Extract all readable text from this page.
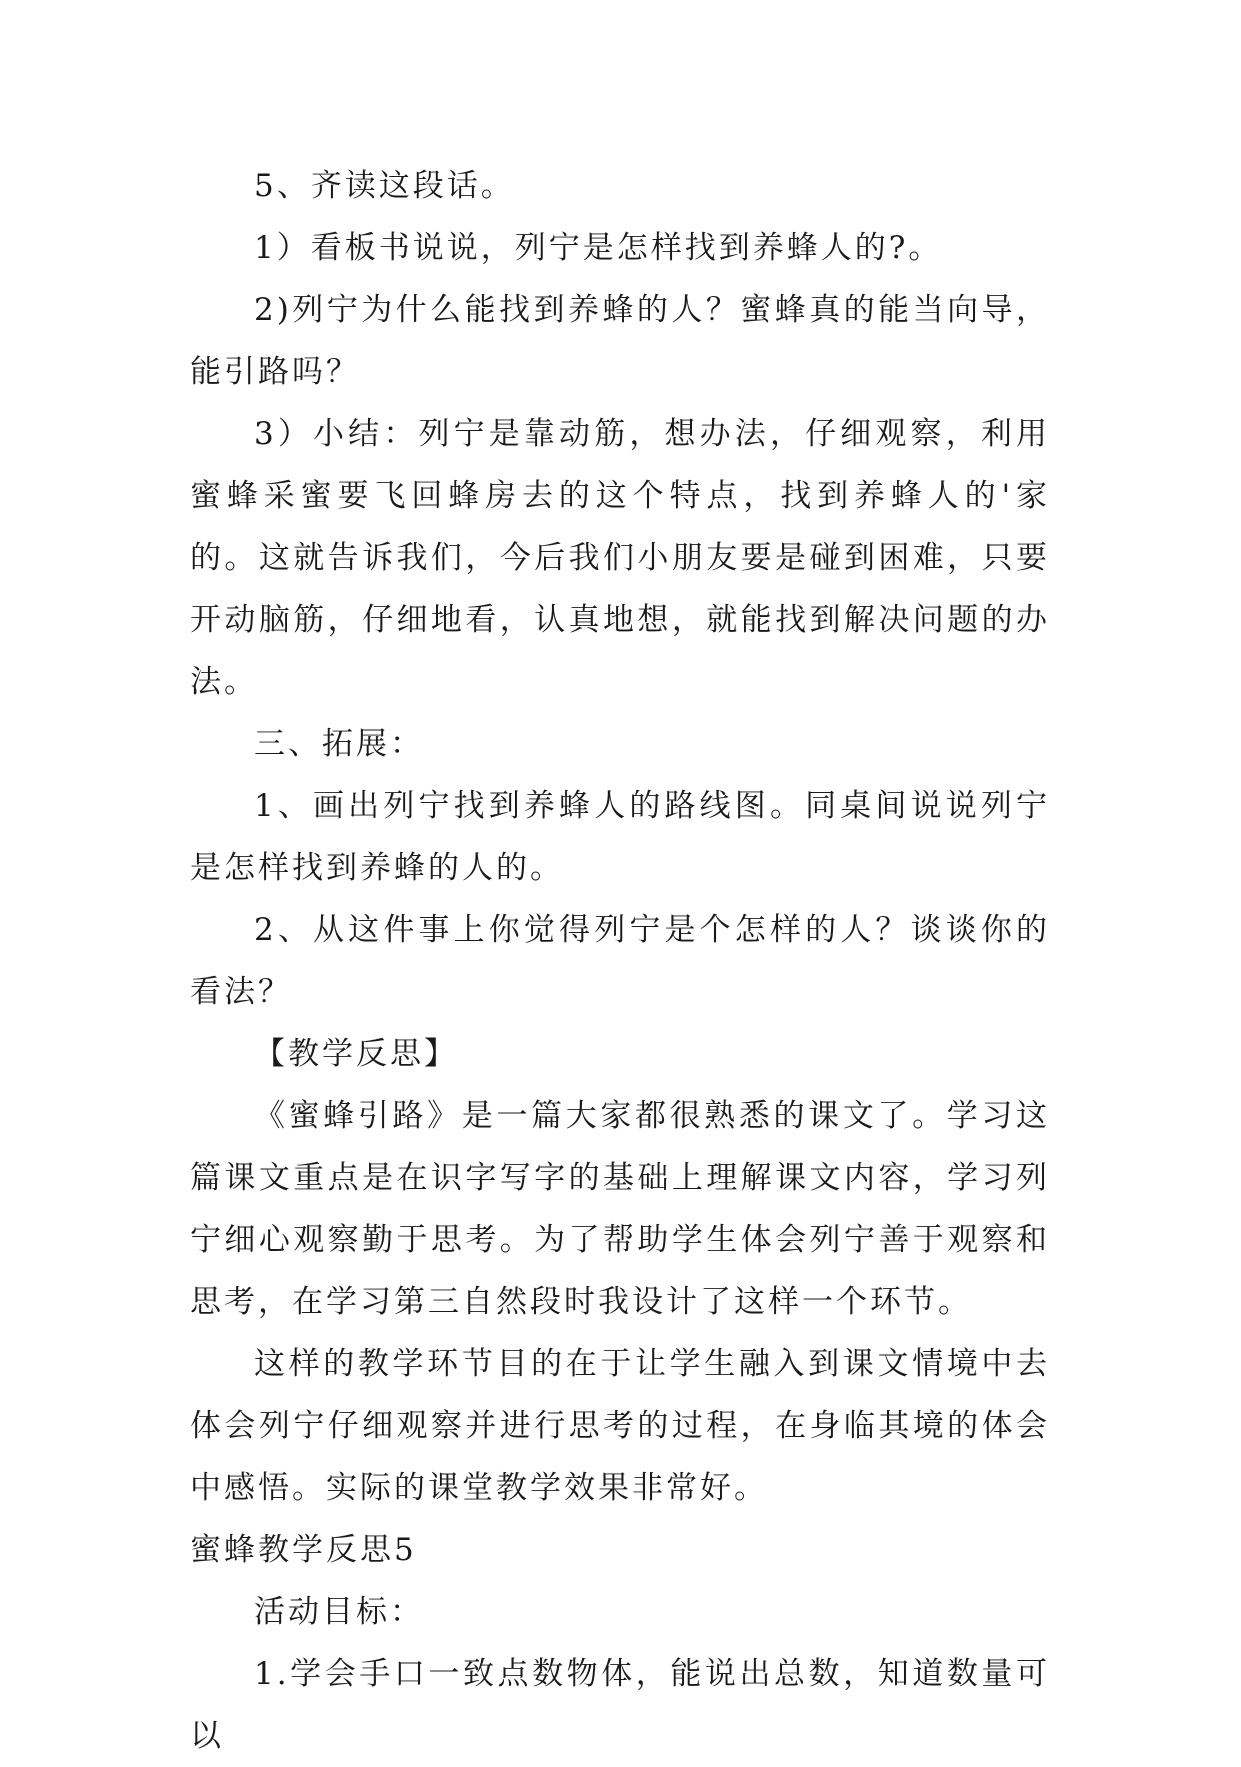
5、齐读这段话。

1）看板书说说，列宁是怎样找到养蜂人的?。

2)列宁为什么能找到养蜂的人？蜜蜂真的能当向导，能引路吗？

3）小结：列宁是靠动筋，想办法，仔细观察，利用蜜蜂采蜜要飞回蜂房去的这个特点，找到养蜂人的'家的。这就告诉我们，今后我们小朋友要是碰到困难，只要开动脑筋，仔细地看，认真地想，就能找到解决问题的办法。

三、拓展：

1、画出列宁找到养蜂人的路线图。同桌间说说列宁是怎样找到养蜂的人的。

2、从这件事上你觉得列宁是个怎样的人？谈谈你的看法？

【教学反思】

《蜜蜂引路》是一篇大家都很熟悉的课文了。学习这篇课文重点是在识字写字的基础上理解课文内容，学习列宁细心观察勤于思考。为了帮助学生体会列宁善于观察和思考，在学习第三自然段时我设计了这样一个环节。

这样的教学环节目的在于让学生融入到课文情境中去体会列宁仔细观察并进行思考的过程，在身临其境的体会中感悟。实际的课堂教学效果非常好。

蜜蜂教学反思5

活动目标：

1.学会手口一致点数物体，能说出总数，知道数量可以
